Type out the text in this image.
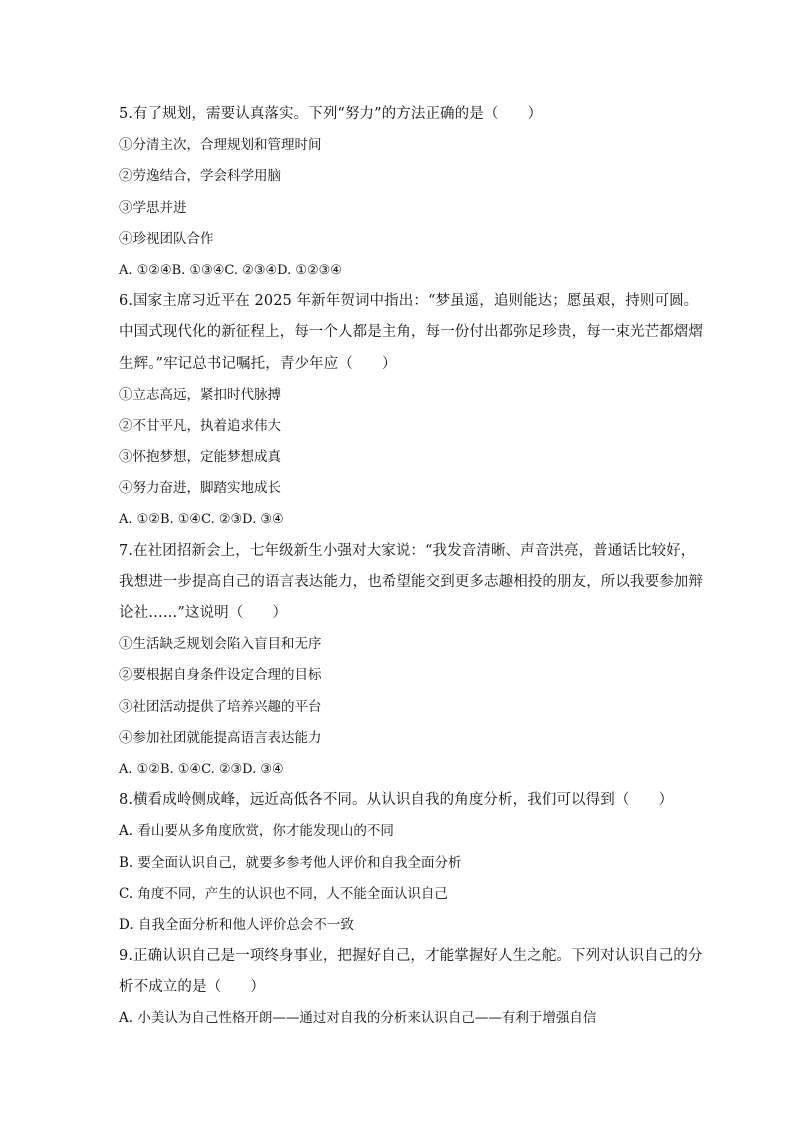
5.有了规划，需要认真落实。下列“努力”的方法正确的是（　　）
①分清主次，合理规划和管理时间
②劳逸结合，学会科学用脑
③学思并进
④珍视团队合作
A. ①②④B. ①③④C. ②③④D. ①②③④
6.国家主席习近平在 2025 年新年贺词中指出：“梦虽遥，追则能达；愿虽艰，持则可圆。
中国式现代化的新征程上，每一个人都是主角，每一份付出都弥足珍贵，每一束光芒都熠熠
生辉。”牢记总书记嘱托，青少年应（　　）
①立志高远，紧扣时代脉搏
②不甘平凡，执着追求伟大
③怀抱梦想，定能梦想成真
④努力奋进，脚踏实地成长
A. ①②B. ①④C. ②③D. ③④
7.在社团招新会上，七年级新生小强对大家说：“我发音清晰、声音洪亮，普通话比较好，
我想进一步提高自己的语言表达能力，也希望能交到更多志趣相投的朋友，所以我要参加辩
论社……”这说明（　　）
①生活缺乏规划会陷入盲目和无序
②要根据自身条件设定合理的目标
③社团活动提供了培养兴趣的平台
④参加社团就能提高语言表达能力
A. ①②B. ①④C. ②③D. ③④
8.横看成岭侧成峰，远近高低各不同。从认识自我的角度分析，我们可以得到（　　）
A. 看山要从多角度欣赏，你才能发现山的不同
B. 要全面认识自己，就要多参考他人评价和自我全面分析
C. 角度不同，产生的认识也不同，人不能全面认识自己
D. 自我全面分析和他人评价总会不一致
9.正确认识自己是一项终身事业，把握好自己，才能掌握好人生之舵。下列对认识自己的分
析不成立的是（　　）
A. 小美认为自己性格开朗——通过对自我的分析来认识自己——有利于增强自信
